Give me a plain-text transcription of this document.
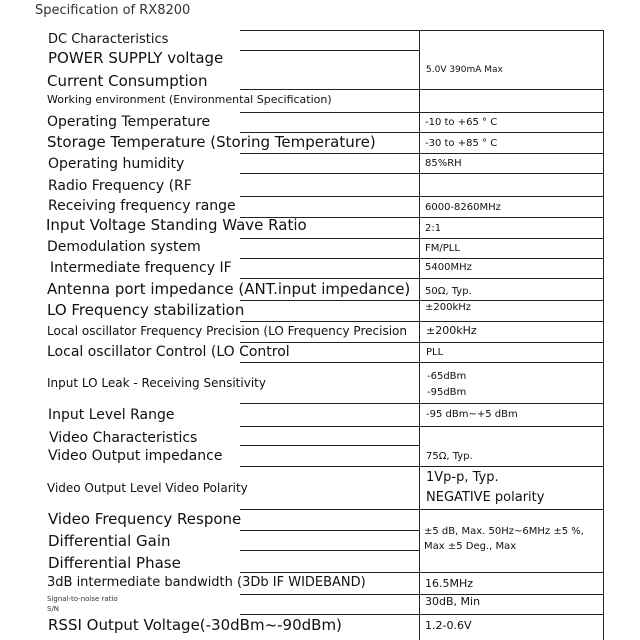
Specification of RX8200
DC Characteristics
POWER SUPPLY voltage
Current Consumption
Working environment (Environmental Specification)
Operating Temperature
Storage Temperature (Storing Temperature)
Operating humidity
Radio Frequency (RF
Receiving frequency range
Input Voltage Standing Wave Ratio
Demodulation system
Intermediate frequency IF
Antenna port impedance (ANT.input impedance)
LO Frequency stabilization
Local oscillator Frequency Precision (LO Frequency Precision
Local oscillator Control (LO Control
Input LO Leak - Receiving Sensitivity
Input Level Range
Video Characteristics
Video Output impedance
Video Output Level Video Polarity
Video Frequency Respone
Differential Gain
Differential Phase
3dB intermediate bandwidth (3Db IF WIDEBAND)
Signal-to-noise ratio
S/N
RSSI Output Voltage(-30dBm~-90dBm)
5.0V 390mA Max
-10 to +65 ° C
-30 to +85 ° C
85%RH
6000-8260MHz
2:1
FM/PLL
5400MHz
50Ω, Typ.
±200kHz
±200kHz
PLL
-65dBm
-95dBm
-95 dBm~+5 dBm
75Ω, Typ.
1Vp-p, Typ.
NEGATIVE polarity
±5 dB, Max. 50Hz~6MHz ±5 %,
Max ±5 Deg., Max
16.5MHz
30dB, Min
1.2-0.6V
